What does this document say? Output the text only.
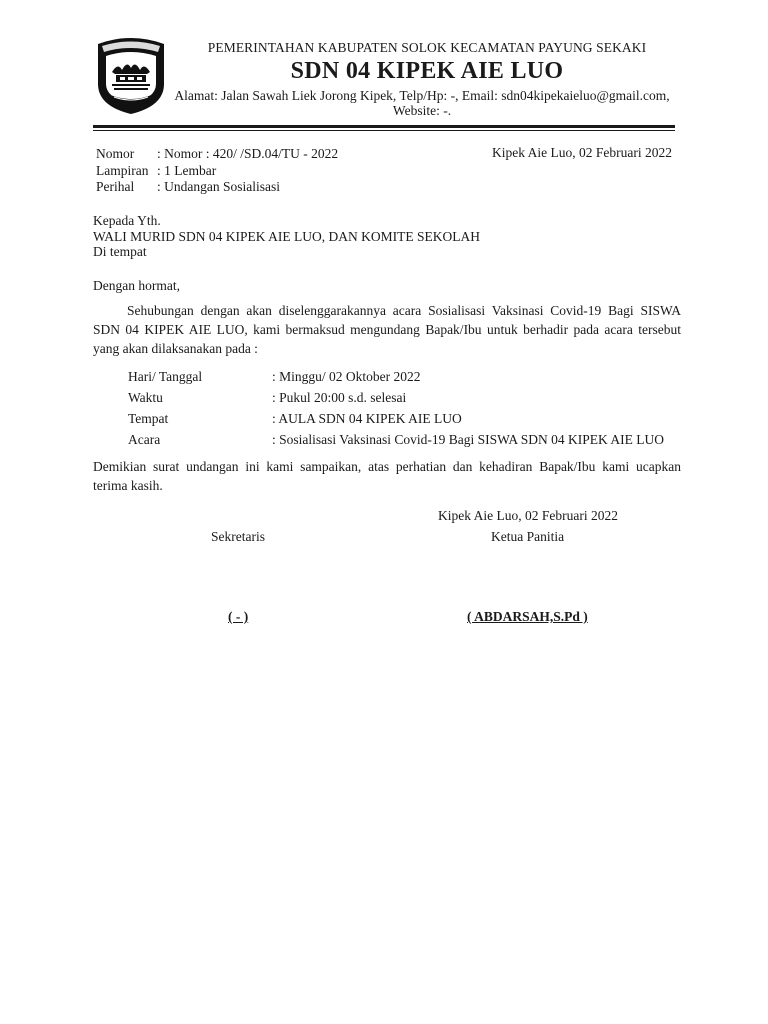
PEMERINTAHAN KABUPATEN SOLOK KECAMATAN PAYUNG SEKAKI
SDN 04 KIPEK AIE LUO
Alamat: Jalan Sawah Liek Jorong Kipek, Telp/Hp: -, Email: sdn04kipekaieluo@gmail.com,
Website: -.
Nomor	: Nomor : 420/ /SD.04/TU - 2022
Lampiran : 1 Lembar
Perihal	: Undangan Sosialisasi
Kipek Aie Luo, 02 Februari 2022
Kepada Yth.
WALI MURID SDN 04 KIPEK AIE LUO, DAN KOMITE SEKOLAH
Di tempat
Dengan hormat,
Sehubungan dengan akan diselenggarakannya acara Sosialisasi Vaksinasi Covid-19 Bagi SISWA
SDN 04 KIPEK AIE LUO, kami bermaksud mengundang Bapak/Ibu untuk berhadir pada acara tersebut
yang akan dilaksanakan pada :
Hari/ Tanggal	: Minggu/ 02 Oktober 2022
Waktu	: Pukul 20:00 s.d. selesai
Tempat	: AULA SDN 04 KIPEK AIE LUO
Acara	: Sosialisasi Vaksinasi Covid-19 Bagi SISWA SDN 04 KIPEK AIE LUO
Demikian surat undangan ini kami sampaikan, atas perhatian dan kehadiran Bapak/Ibu kami ucapkan
terima kasih.
Kipek Aie Luo, 02 Februari 2022
Sekretaris	Ketua Panitia
( - )	( ABDARSAH,S.Pd )
